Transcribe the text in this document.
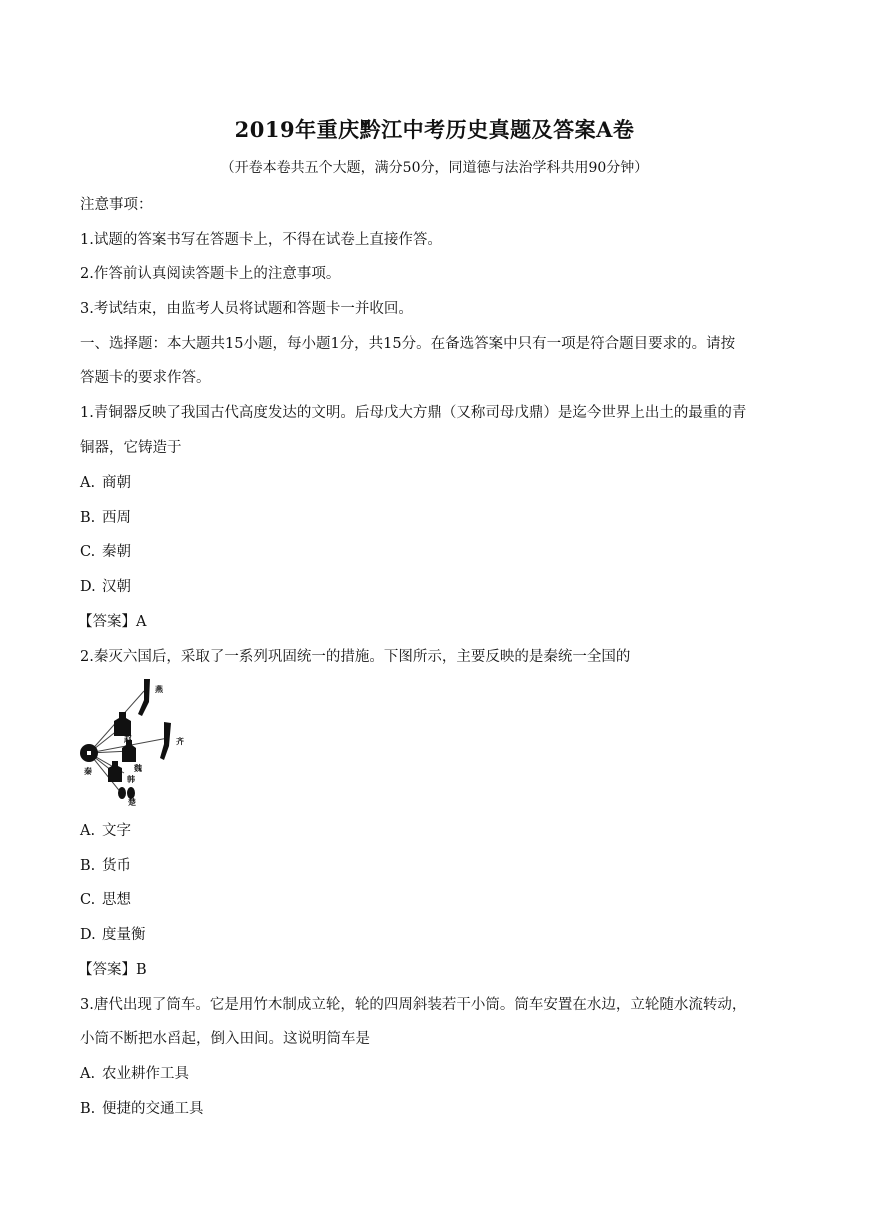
2019年重庆黔江中考历史真题及答案A卷
（开卷本卷共五个大题，满分50分，同道德与法治学科共用90分钟）
注意事项：
1.试题的答案书写在答题卡上，不得在试卷上直接作答。
2.作答前认真阅读答题卡上的注意事项。
3.考试结束，由监考人员将试题和答题卡一并收回。
一、选择题：本大题共15小题，每小题1分，共15分。在备选答案中只有一项是符合题目要求的。请按
答题卡的要求作答。
1.青铜器反映了我国古代高度发达的文明。后母戊大方鼎（又称司母戊鼎）是迄今世界上出土的最重的青
铜器，它铸造于
A. 商朝
B. 西周
C. 秦朝
D. 汉朝
【答案】A
2.秦灭六国后，采取了一系列巩固统一的措施。下图所示，主要反映的是秦统一全国的
燕
齐
赵
魏
韩
楚
秦
A. 文字
B. 货币
C. 思想
D. 度量衡
【答案】B
3.唐代出现了筒车。它是用竹木制成立轮，轮的四周斜装若干小筒。筒车安置在水边，立轮随水流转动，
小筒不断把水舀起，倒入田间。这说明筒车是
A. 农业耕作工具
B. 便捷的交通工具
